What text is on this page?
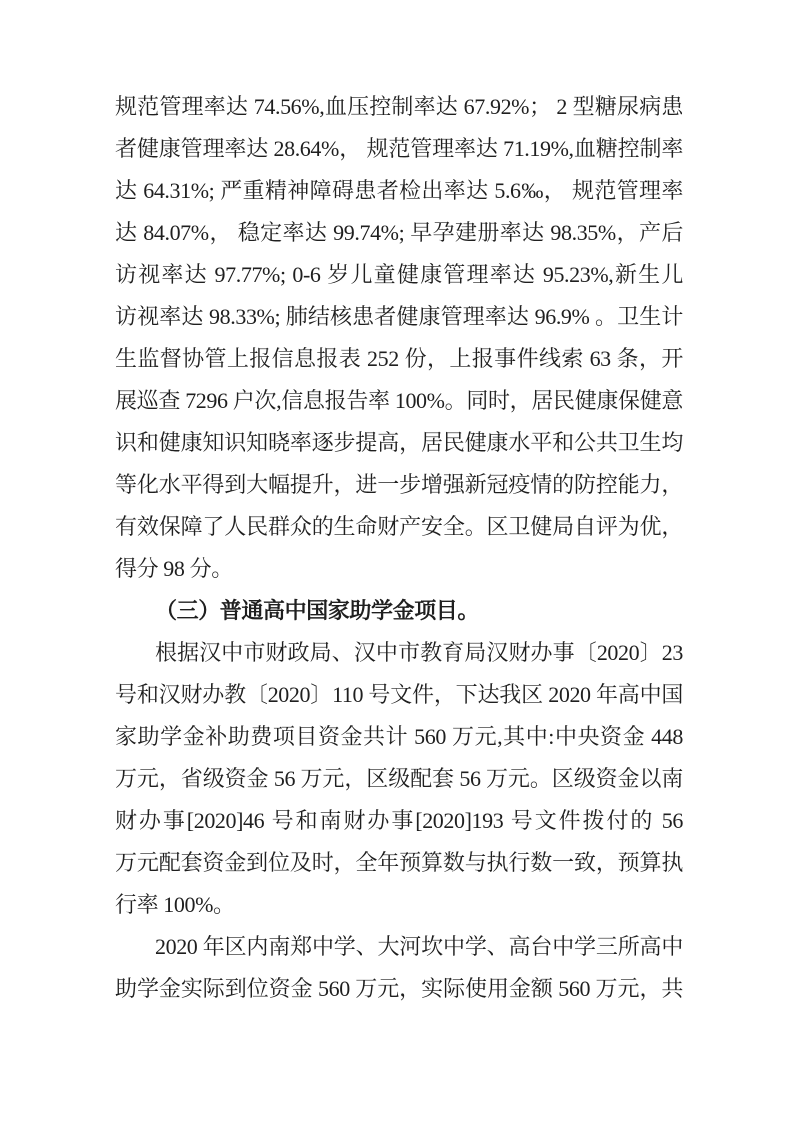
规范管理率达 74.56%,血压控制率达 67.92%； 2 型糖尿病患
者健康管理率达 28.64%， 规范管理率达 71.19%,血糖控制率
达 64.31%; 严重精神障碍患者检出率达 5.6‰， 规范管理率
达 84.07%， 稳定率达 99.74%; 早孕建册率达 98.35%，产后
访视率达 97.77%; 0-6 岁儿童健康管理率达 95.23%,新生儿
访视率达 98.33%; 肺结核患者健康管理率达 96.9% 。卫生计
生监督协管上报信息报表 252 份，上报事件线索 63 条，开
展巡查 7296 户次,信息报告率 100%。同时，居民健康保健意
识和健康知识知晓率逐步提高，居民健康水平和公共卫生均
等化水平得到大幅提升，进一步增强新冠疫情的防控能力，
有效保障了人民群众的生命财产安全。区卫健局自评为优，
得分 98 分。
（三）普通高中国家助学金项目。
根据汉中市财政局、汉中市教育局汉财办事〔2020〕23
号和汉财办教〔2020〕110 号文件，下达我区 2020 年高中国
家助学金补助费项目资金共计 560 万元,其中:中央资金 448
万元，省级资金 56 万元，区级配套 56 万元。区级资金以南
财办事[2020]46 号和南财办事[2020]193 号文件拨付的 56
万元配套资金到位及时，全年预算数与执行数一致，预算执
行率 100%。
2020 年区内南郑中学、大河坎中学、高台中学三所高中
助学金实际到位资金 560 万元，实际使用金额 560 万元，共
